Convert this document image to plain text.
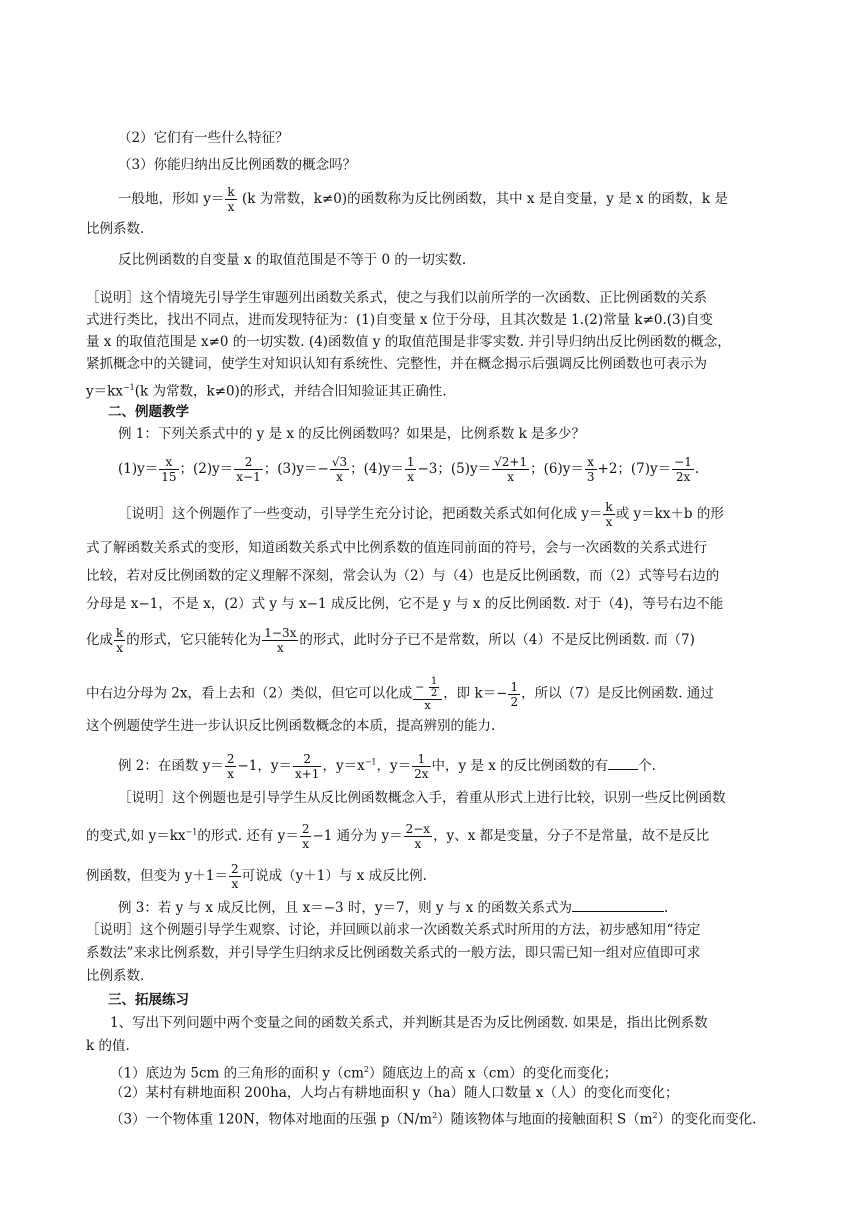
（2）它们有一些什么特征？
（3）你能归纳出反比例函数的概念吗？
一般地，形如 $y= \frac{k}{x} (k$ 为常数，k≠0)的函数称为反比例函数，其中 x 是自变量，y 是 x 的函数，k 是
比例系数.
反比例函数的自变量 x 的取值范围是不等于 0 的一切实数.
［说明］这个情境先引导学生审题列出函数关系式，使之与我们以前所学的一次函数、正比例函数的关系
式进行类比，找出不同点，进而发现特征为：(1)自变量 x 位于分母，且其次数是 1.(2)常量 k≠0.(3)自变
量 x 的取值范围是 x≠0 的一切实数. (4)函数值 y 的取值范围是非零实数. 并引导归纳出反比例函数的概念，
紧抓概念中的关键词，使学生对知识认知有系统性、完整性，并在概念揭示后强调反比例函数也可表示为
$y=kx^{-1}(k$ 为常数，k≠0)的形式，并结合旧知验证其正确性.
二、例题教学
例 1：下列关系式中的 y 是 x 的反比例函数吗？如果是，比例系数 k 是多少？
$(1)y= \frac{x}{15}$ ；$(2)y= \frac{2}{x-1}$ ；$(3)y=- \frac{√3}{x}$ ；$(4)y= \frac{1}{x} -3$；$(5)y= \frac{√2+1}{x}$ ；$(6)y= \frac{x}{3} +2$；$(7)y= \frac{-1}{2x}$ .
［说明］这个例题作了一些变动，引导学生充分讨论，把函数关系式如何化成 $y= \frac{k}{x}$ 或 y＝kx＋b 的形
式了解函数关系式的变形，知道函数关系式中比例系数的值连同前面的符号，会与一次函数的关系式进行
比较，若对反比例函数的定义理解不深刻，常会认为（2）与（4）也是反比例函数，而（2）式等号右边的
分母是 x−1，不是 x，(2）式 y 与 x−1 成反比例，它不是 y 与 x 的反比例函数. 对于（4)，等号右边不能
化成 $\frac{k}{x}$ 的形式，它只能转化为 $\frac{1-3x}{x}$ 的形式，此时分子已不是常数，所以（4）不是反比例函数. 而（7)
中右边分母为 2x，看上去和（2）类似，但它可以化成 $\frac{- \frac{1}{2}}{x}$ ，即 $k=- \frac{1}{2}$ ，所以（7）是反比例函数. 通过
这个例题使学生进一步认识反比例函数概念的本质，提高辨别的能力.
例 2：在函数 $y= \frac{2}{x} -1$，$y= \frac{2}{x+1}$ ，$y=x^{-1}$，$y= \frac{1}{2x}$ 中，y 是 x 的反比例函数的有 个.
［说明］这个例题也是引导学生从反比例函数概念入手，着重从形式上进行比较，识别一些反比例函数
的变式,如 $y=kx^{-1}$的形式. 还有 $y= \frac{2}{x} -1$ 通分为 $y= \frac{2-x}{x}$ ，y、x 都是变量，分子不是常量，故不是反比
例函数，但变为 $y+1= \frac{2}{x}$ 可说成（y＋1）与 x 成反比例.
例 3：若 y 与 x 成反比例，且 x＝−3 时，y＝7，则 y 与 x 的函数关系式为	.
［说明］这个例题引导学生观察、讨论，并回顾以前求一次函数关系式时所用的方法，初步感知用“待定
系数法”来求比例系数，并引导学生归纳求反比例函数关系式的一般方法，即只需已知一组对应值即可求
比例系数.
三、拓展练习
1、写出下列问题中两个变量之间的函数关系式，并判断其是否为反比例函数. 如果是，指出比例系数
k 的值.
（1）底边为 5cm 的三角形的面积 $y(cm^2)$随底边上的高 x（cm）的变化而变化；
（2）某村有耕地面积 200ha，人均占有耕地面积 y（ha）随人口数量 x（人）的变化而变化；
（3）一个物体重 120N，物体对地面的压强 $p(N/m^2)$随该物体与地面的接触面积 $S(m^2)$的变化而变化.
